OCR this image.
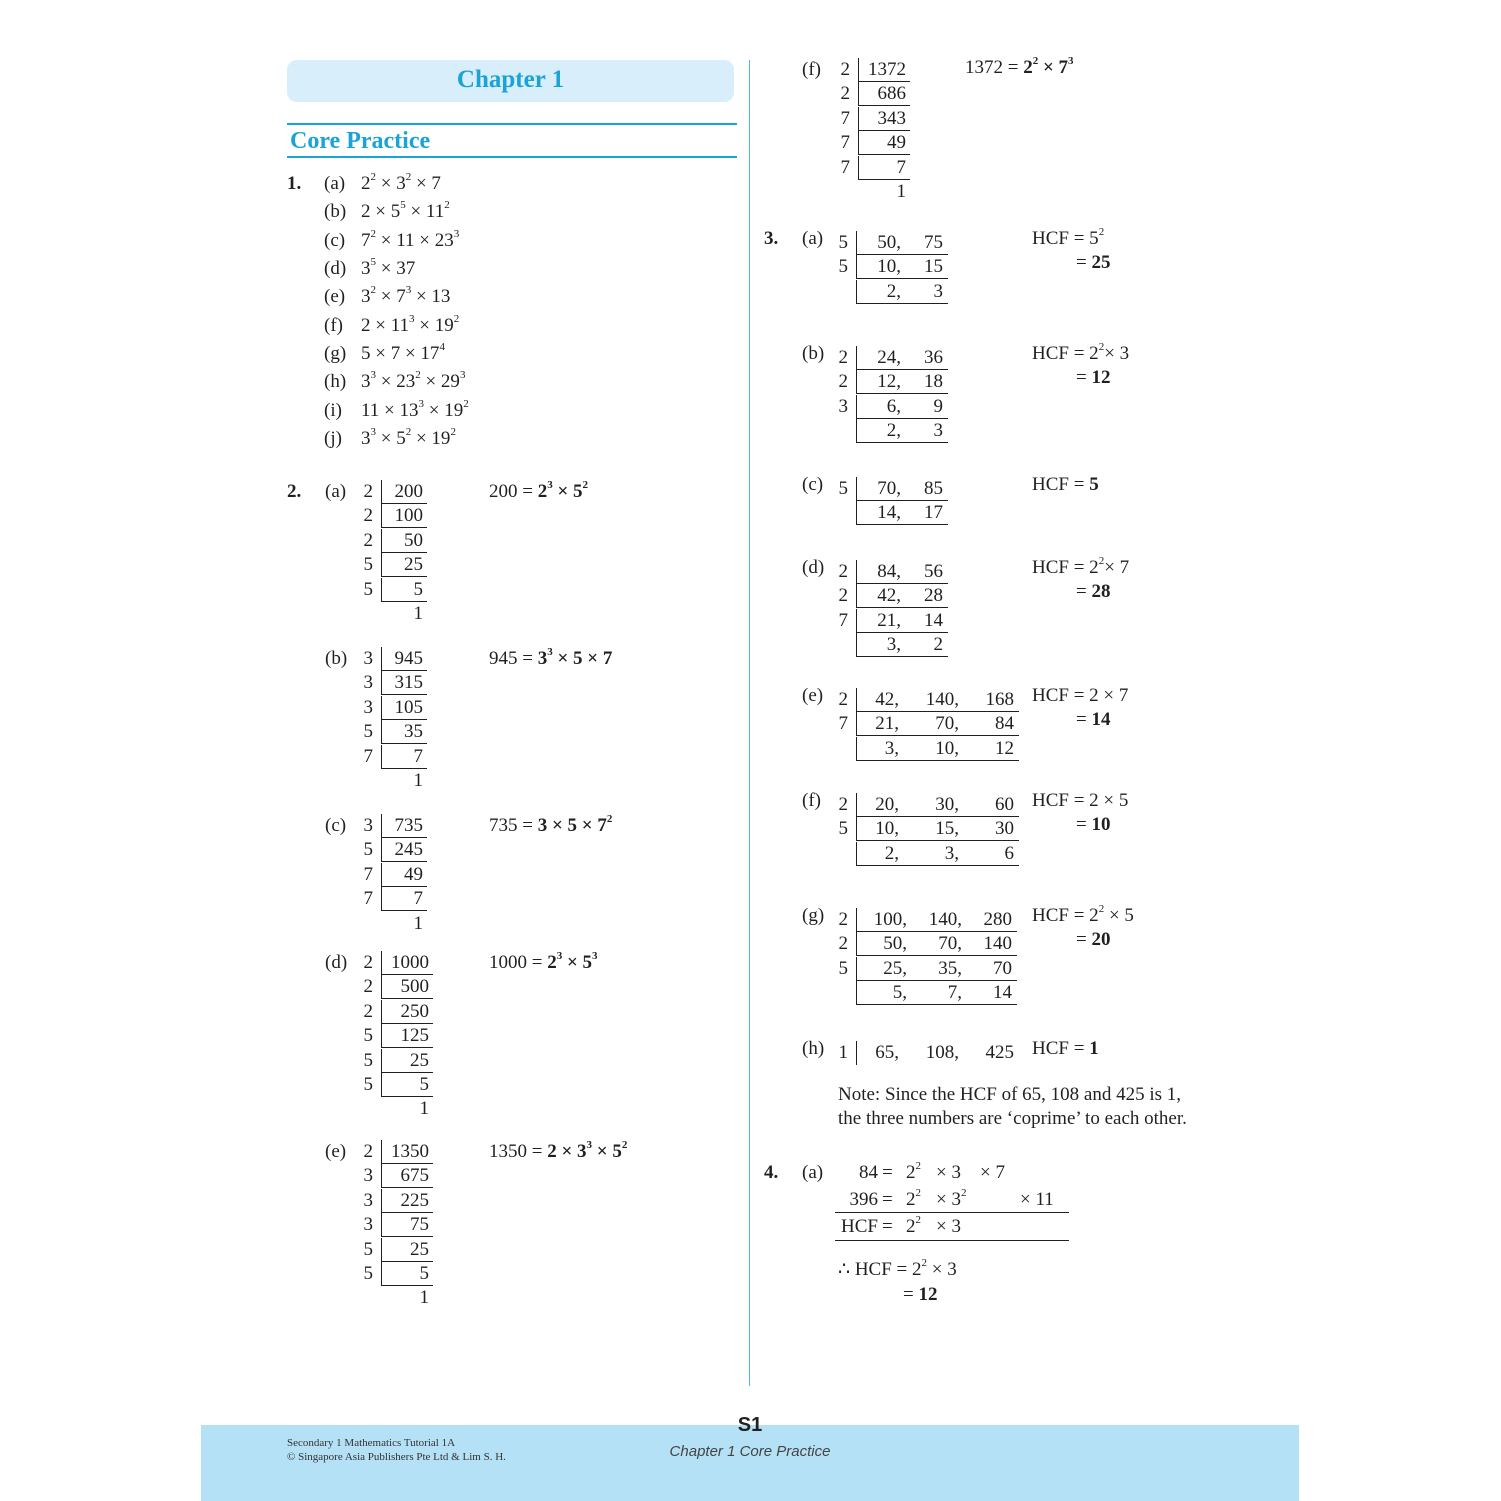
Chapter 1
Core Practice
1. (a) $2^2 \times 3^2 \times 7$
(b) $2 \times 5^5 \times 11^2$
(c) $7^2 \times 11 \times 23^3$
(d) $3^5 \times 37$
(e) $3^2 \times 7^3 \times 13$
(f) $2 \times 11^3 \times 19^2$
(g) $5 \times 7 \times 17^4$
(h) $3^3 \times 23^2 \times 29^3$
(i) $11 \times 13^3 \times 19^2$
(j) $3^3 \times 5^2 \times 19^2$
2. (a) 2	200
2	100
2	50
5	25
5	5
1
$200 = 2^3 \times 5^2$
(b) 3	945
3	315
3	105
5	35
7	7
1
$945 = 3^3 \times 5 \times 7$
(c) 3	735
5	245
7	49
7	7
1
$735 = 3 \times 5 \times 7^2$
(d) 2 1000
2	500
2	250
5	125
5	25
5	5
1
$1000 = 2^3 \times 5^3$
(e) 2 1350
3	675
3	225
3	75
5	25
5	5
1
$1350 = 2 \times 3^3 \times 5^2$
(f) 2 1372
2	686
7	343
7	49
7	7
1
$1372 = 2^2 \times 7^3$
3. (a) 5	50, 75
5	10, 15
2, 3
HCF = $5^2$
= 25
(b) 2	24, 36
2	12, 18
3	6, 9
2, 3
HCF = $2^2\times 3$
= 12
(c) 5	70, 85
14, 17
HCF = 5
(d) 2	84, 56
2	42, 28
7	21, 14
3, 2
HCF = $2^2\times 7$
= 28
(e) 2	42, 140, 168
7	21, 70, 84
3, 10, 12
HCF = 2 × 7
= 14
(f) 2	20, 30, 60
5	10, 15, 30
2, 3, 6
HCF = 2 × 5
= 10
(g) 2	100, 140, 280
2	50, 70, 140
5	25, 35, 70
5, 7, 14
HCF = $2^2 \times 5$
= 20
(h) 1	65, 108, 425 HCF = 1
Note: Since the HCF of 65, 108 and 425 is 1,
the three numbers are ‘coprime’ to each other.
4. (a)	$84 = 2^2 \times 3$	× 7
$396 = 2^2 \times 3^2$	× 11
HCF = $2^2 \times 3$
∴ HCF = $2^2 \times 3$
= 12
S1
Secondary 1 Mathematics Tutorial 1A
© Singapore Asia Publishers Pte Ltd & Lim S. H.	Chapter 1 Core Practice
